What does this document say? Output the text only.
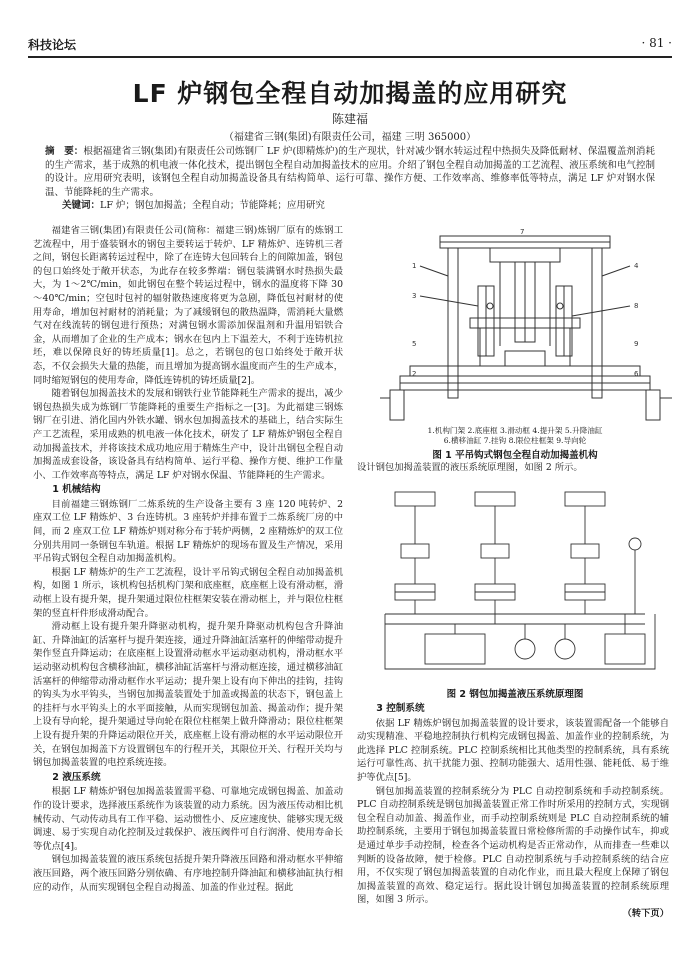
科技论坛	· 81 ·
LF 炉钢包全程自动加揭盖的应用研究
陈建福
（福建省三钢(集团)有限责任公司，福建 三明 365000）
摘　要：根据福建省三钢(集团)有限责任公司炼钢厂 LF 炉(即精炼炉)的生产现状，针对减少钢水转运过程中热损失及降低耐材、保温覆盖剂消耗的生产需求，基于成熟的机电液一体化技术，提出钢包全程自动加揭盖技术的应用。介绍了钢包全程自动加揭盖的工艺流程、液压系统和电气控制的设计。应用研究表明，该钢包全程自动加揭盖设备具有结构简单、运行可靠、操作方便、工作效率高、维修率低等特点，满足 LF 炉对钢水保温、节能降耗的生产需求。
关键词：LF 炉；钢包加揭盖；全程自动；节能降耗；应用研究

福建省三钢(集团)有限责任公司(简称：福建三钢)炼钢厂原有的炼钢工艺流程中，用于盛装钢水的钢包主要转运于转炉、LF 精炼炉、连铸机三者之间，钢包长距离转运过程中，除了在连铸大包回转台上的间隙加盖，钢包的包口始终处于敞开状态，为此存在较多弊端：钢包装满钢水时热损失最大，为 1～2℃/min，如此钢包在整个转运过程中，钢水的温度将下降 30～40℃/min；空包时包衬的辐射散热速度将更为急剧，降低包衬耐材的使用寿命，增加包衬耐材的消耗量；为了减缓钢包的散热温降，需消耗大量燃气对在线流转的钢包进行预热；对满包钢水需添加保温剂和升温用铝铁合金，从而增加了企业的生产成本；钢水在包内上下温差大，不利于连铸机拉坯，难以保障良好的铸坯质量[1]。总之，若钢包的包口始终处于敞开状态，不仅会损失大量的热能，而且增加为提高钢水温度而产生的生产成本，同时缩短钢包的使用寿命，降低连铸机的铸坯质量[2]。

随着钢包加揭盖技术的发展和钢铁行业节能降耗生产需求的提出，减少钢包热损失成为炼钢厂节能降耗的重要生产指标之一[3]。为此福建三钢炼钢厂在引进、消化国内外铁水罐、钢水包加揭盖技术的基础上，结合实际生产工艺流程，采用成熟的机电液一体化技术，研发了 LF 精炼炉钢包全程自动加揭盖技术，并将该技术成功地应用于精炼生产中，设计出钢包全程自动加揭盖成套设备，该设备具有结构简单、运行平稳、操作方便、维护工作量小、工作效率高等特点，满足 LF 炉对钢水保温、节能降耗的生产需求。

1 机械结构

目前福建三钢炼钢厂二炼系统的生产设备主要有 3 座 120 吨转炉、2 座双工位 LF 精炼炉、3 台连铸机。3 座转炉并排布置于二炼系统厂房的中间，而 2 座双工位 LF 精炼炉则对称分布于转炉两侧，2 座精炼炉的双工位分别共用同一条钢包车轨道。根据 LF 精炼炉的现场布置及生产情况，采用平吊钩式钢包全程自动加揭盖机构。

根据 LF 精炼炉的生产工艺流程，设计平吊钩式钢包全程自动加揭盖机构，如图 1 所示，该机构包括机构门架和底座框，底座框上设有滑动框，滑动框上设有提升架，提升架通过限位柱框架安装在滑动框上，并与限位柱框架的竖直杆件形成滑动配合。

滑动框上设有提升架升降驱动机构，提升架升降驱动机构包含升降油缸、升降油缸的活塞杆与提升架连接，通过升降油缸活塞杆的伸缩带动提升架作竖直升降运动；在底座框上设置滑动框水平运动驱动机构，滑动框水平运动驱动机构包含横移油缸，横移油缸活塞杆与滑动框连接，通过横移油缸活塞杆的伸缩带动滑动框作水平运动；提升架上设有向下伸出的挂钩，挂钩的钩头为水平钩头，当钢包加揭盖装置处于加盖或揭盖的状态下，钢包盖上的挂杆与水平钩头上的水平面接触，从而实现钢包加盖、揭盖动作；提升架上设有导向轮，提升架通过导向轮在限位柱框架上做升降滑动；限位柱框架上设有提升架的升降运动限位开关，底座框上设有滑动框的水平运动限位开关，在钢包加揭盖下方设置钢包车的行程开关，其限位开关、行程开关均与钢包加揭盖装置的电控系统连接。

2 液压系统

根据 LF 精炼炉钢包加揭盖装置需平稳、可靠地完成钢包揭盖、加盖动作的设计要求，选择液压系统作为该装置的动力系统。因为液压传动相比机械传动、气动传动具有工作平稳、运动惯性小、反应速度快、能够实现无级调速、易于实现自动化控制及过载保护、液压阀件可自行润滑、使用寿命长等优点[4]。

钢包加揭盖装置的液压系统包括提升架升降液压回路和滑动框水平伸缩液压回路，两个液压回路分别依确、有序地控制升降油缸和横移油缸执行相应的动作，从而实现钢包全程自动揭盖、加盖的作业过程。据此

1
3
4
8
9
5
2	6
7
1.机构门架 2.底座框 3.滑动框 4.提升架 5.升降油缸
6.横移油缸 7.挂钩 8.限位柱框架 9.导向轮
图 1 平吊钩式钢包全程自动加揭盖机构

设计钢包加揭盖装置的液压系统原理图，如图 2 所示。

图 2 钢包加揭盖液压系统原理图
3 控制系统

依据 LF 精炼炉钢包加揭盖装置的设计要求，该装置需配备一个能够自动实现精准、平稳地控制执行机构完成钢包揭盖、加盖作业的控制系统，为此选择 PLC 控制系统。PLC 控制系统相比其他类型的控制系统，具有系统运行可靠性高、抗干扰能力强、控制功能强大、适用性强、能耗低、易于维护等优点[5]。

钢包加揭盖装置的控制系统分为 PLC 自动控制系统和手动控制系统。PLC 自动控制系统是钢包加揭盖装置正常工作时所采用的控制方式，实现钢包全程自动加盖、揭盖作业，而手动控制系统则是 PLC 自动控制系统的辅助控制系统，主要用于钢包加揭盖装置日常检修所需的手动操作试车，抑或是通过单步手动控制，检查各个运动机构是否正常动作，从而排查一些难以判断的设备故障，便于检修。PLC 自动控制系统与手动控制系统的结合应用，不仅实现了钢包加揭盖装置的自动化作业，而且最大程度上保障了钢包加揭盖装置的高效、稳定运行。据此设计钢包加揭盖装置的控制系统原理图，如图 3 所示。

（转下页）
